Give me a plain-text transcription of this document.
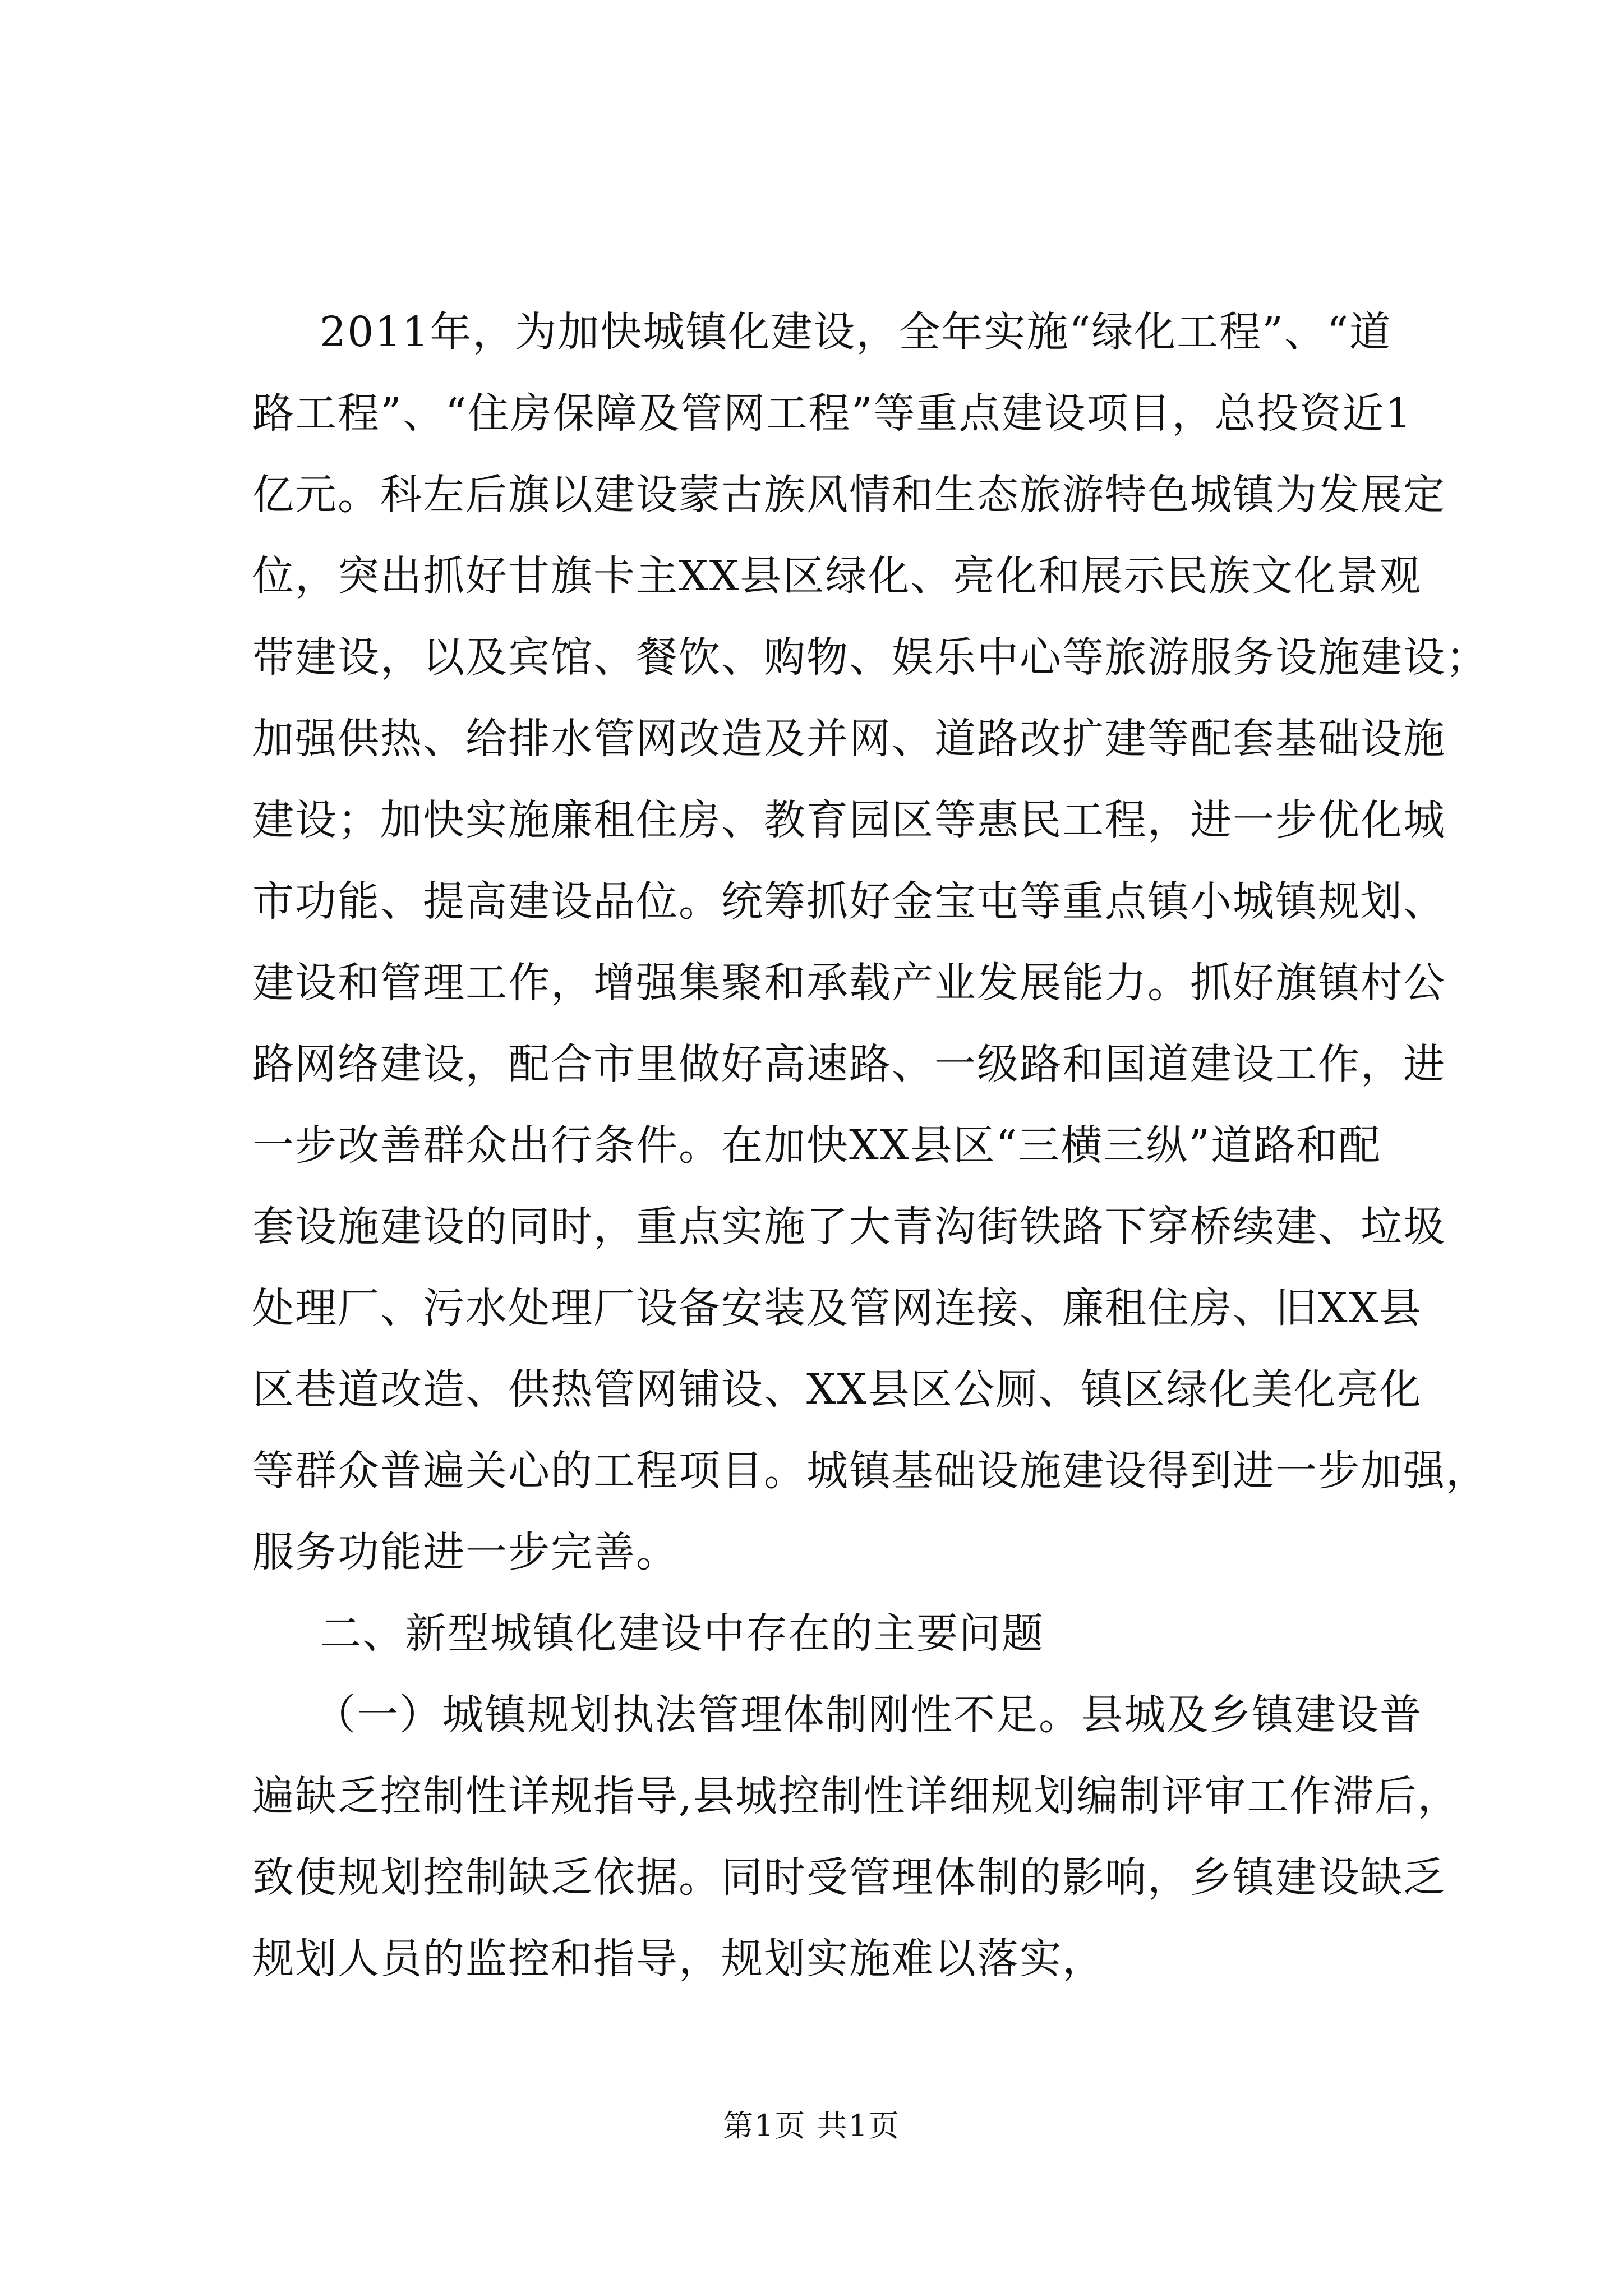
2011年，为加快城镇化建设，全年实施“绿化工程”、“道
路工程”、“住房保障及管网工程”等重点建设项目，总投资近1
亿元。科左后旗以建设蒙古族风情和生态旅游特色城镇为发展定
位，突出抓好甘旗卡主XX县区绿化、亮化和展示民族文化景观
带建设，以及宾馆、餐饮、购物、娱乐中心等旅游服务设施建设；
加强供热、给排水管网改造及并网、道路改扩建等配套基础设施
建设；加快实施廉租住房、教育园区等惠民工程，进一步优化城
市功能、提高建设品位。统筹抓好金宝屯等重点镇小城镇规划、
建设和管理工作，增强集聚和承载产业发展能力。抓好旗镇村公
路网络建设，配合市里做好高速路、一级路和国道建设工作，进
一步改善群众出行条件。在加快XX县区“三横三纵”道路和配
套设施建设的同时，重点实施了大青沟街铁路下穿桥续建、垃圾
处理厂、污水处理厂设备安装及管网连接、廉租住房、旧XX县
区巷道改造、供热管网铺设、XX县区公厕、镇区绿化美化亮化
等群众普遍关心的工程项目。城镇基础设施建设得到进一步加强，
服务功能进一步完善。

二、新型城镇化建设中存在的主要问题

（一）城镇规划执法管理体制刚性不足。县城及乡镇建设普
遍缺乏控制性详规指导,县城控制性详细规划编制评审工作滞后，
致使规划控制缺乏依据。同时受管理体制的影响，乡镇建设缺乏
规划人员的监控和指导，规划实施难以落实，

第1页 共1页
